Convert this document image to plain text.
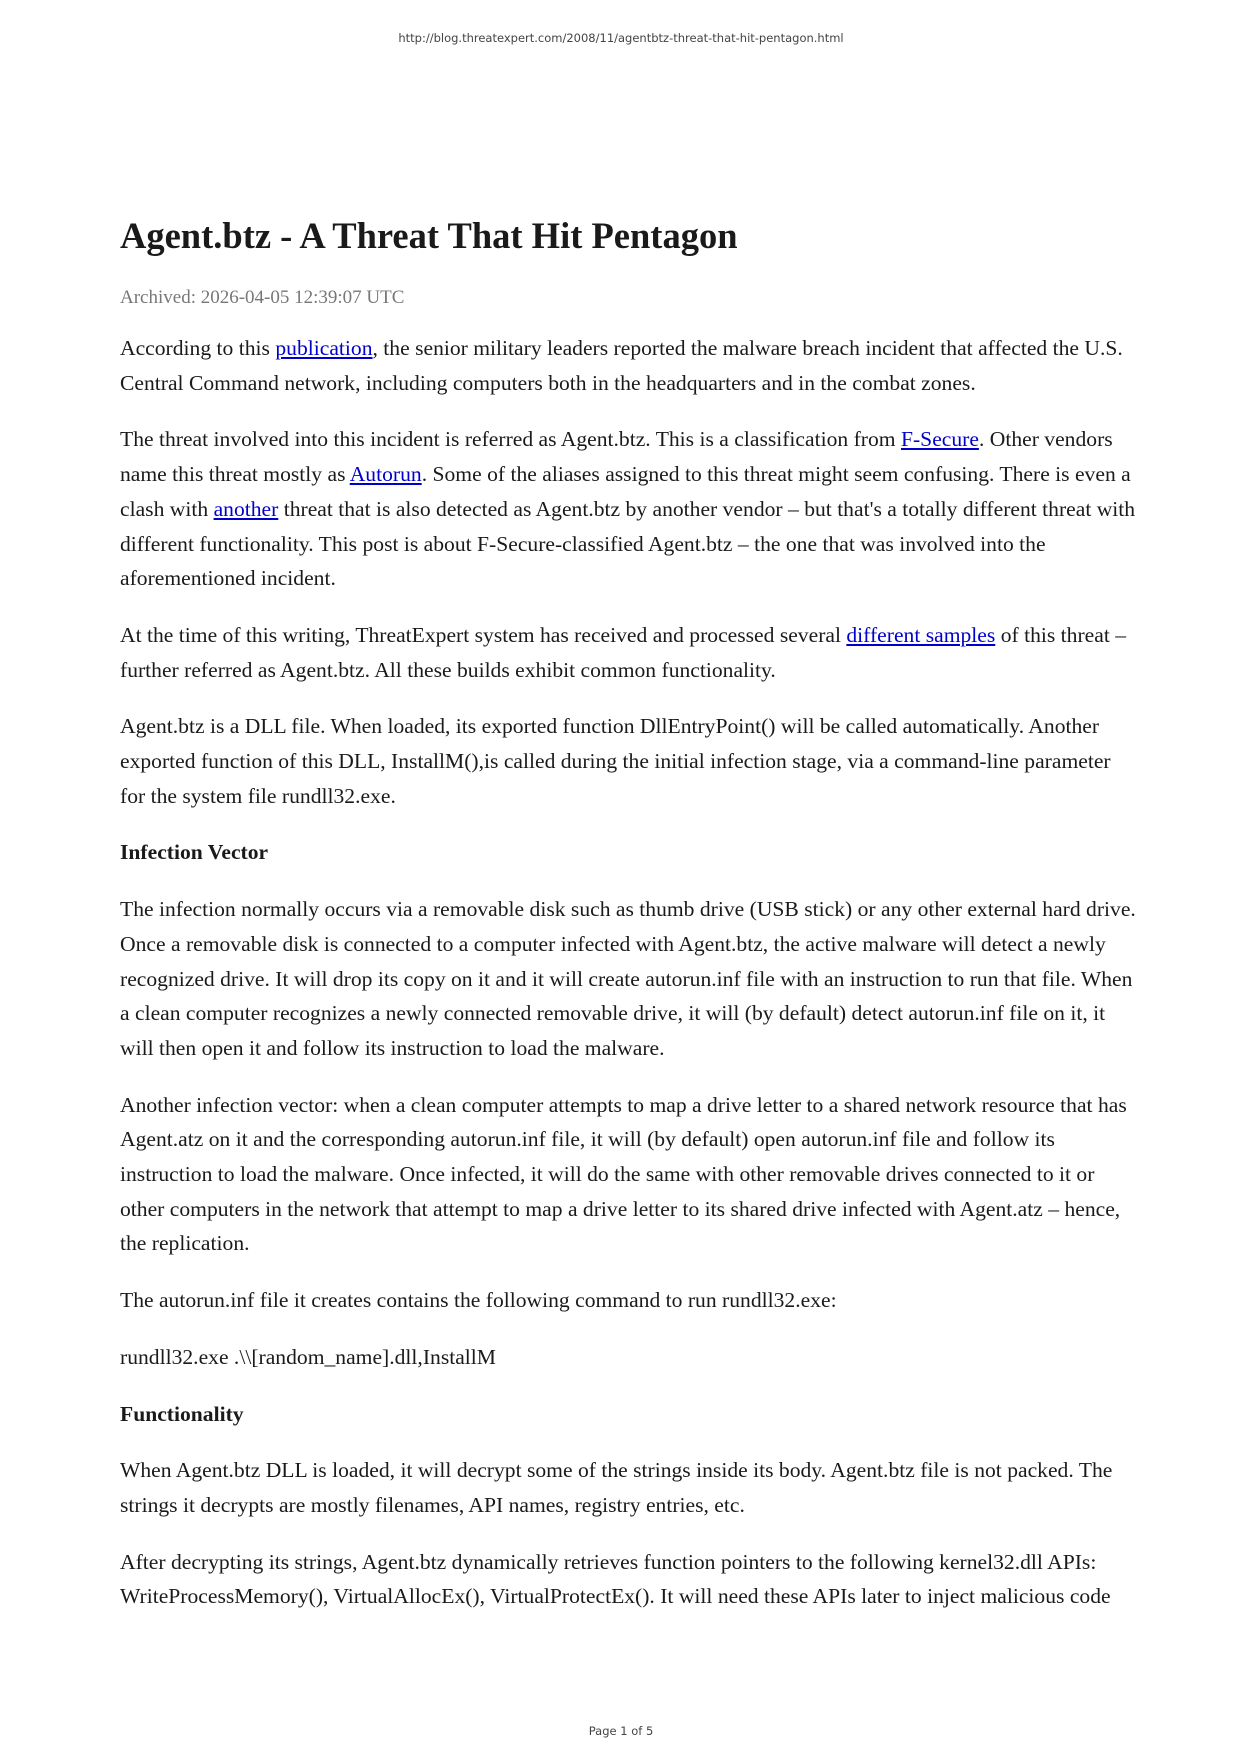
http://blog.threatexpert.com/2008/11/agentbtz-threat-that-hit-pentagon.html
Agent.btz - A Threat That Hit Pentagon
Archived: 2026-04-05 12:39:07 UTC

According to this publication, the senior military leaders reported the malware breach incident that affected the U.S. Central Command network, including computers both in the headquarters and in the combat zones.

The threat involved into this incident is referred as Agent.btz. This is a classification from F-Secure. Other vendors name this threat mostly as Autorun. Some of the aliases assigned to this threat might seem confusing. There is even a clash with another threat that is also detected as Agent.btz by another vendor – but that's a totally different threat with different functionality. This post is about F-Secure-classified Agent.btz – the one that was involved into the aforementioned incident.

At the time of this writing, ThreatExpert system has received and processed several different samples of this threat – further referred as Agent.btz. All these builds exhibit common functionality.

Agent.btz is a DLL file. When loaded, its exported function DllEntryPoint() will be called automatically. Another exported function of this DLL, InstallM(),is called during the initial infection stage, via a command-line parameter for the system file rundll32.exe.

Infection Vector

The infection normally occurs via a removable disk such as thumb drive (USB stick) or any other external hard drive. Once a removable disk is connected to a computer infected with Agent.btz, the active malware will detect a newly recognized drive. It will drop its copy on it and it will create autorun.inf file with an instruction to run that file. When a clean computer recognizes a newly connected removable drive, it will (by default) detect autorun.inf file on it, it will then open it and follow its instruction to load the malware.

Another infection vector: when a clean computer attempts to map a drive letter to a shared network resource that has Agent.atz on it and the corresponding autorun.inf file, it will (by default) open autorun.inf file and follow its instruction to load the malware. Once infected, it will do the same with other removable drives connected to it or other computers in the network that attempt to map a drive letter to its shared drive infected with Agent.atz – hence, the replication.

The autorun.inf file it creates contains the following command to run rundll32.exe:

rundll32.exe .\\[random_name].dll,InstallM

Functionality

When Agent.btz DLL is loaded, it will decrypt some of the strings inside its body. Agent.btz file is not packed. The strings it decrypts are mostly filenames, API names, registry entries, etc.

After decrypting its strings, Agent.btz dynamically retrieves function pointers to the following kernel32.dll APIs: WriteProcessMemory(), VirtualAllocEx(), VirtualProtectEx(). It will need these APIs later to inject malicious code

Page 1 of 5
